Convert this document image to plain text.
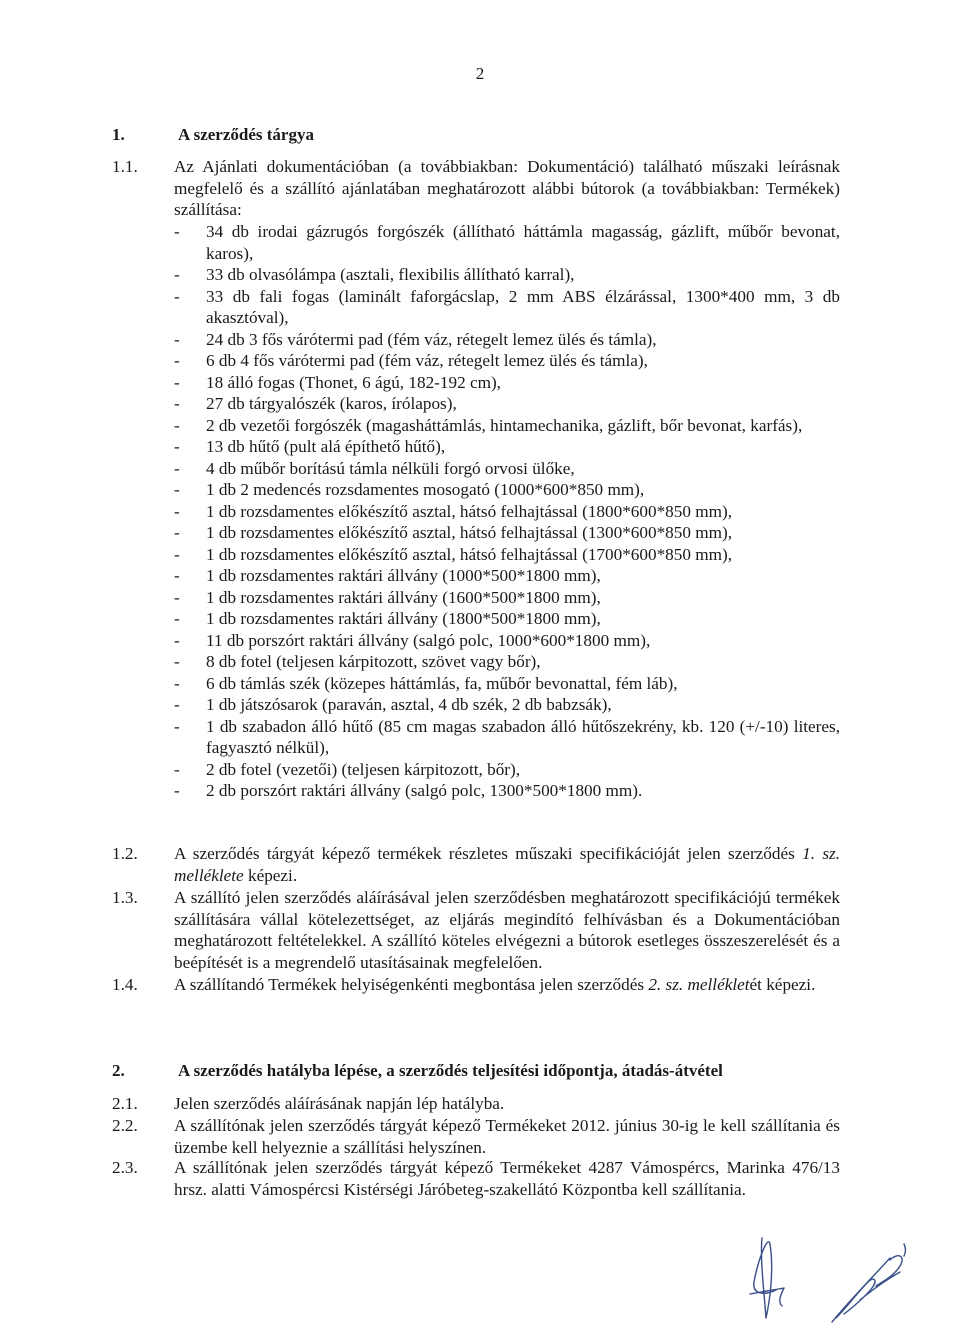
2
1.	A szerződés tárgya
1.1.	Az Ajánlati dokumentációban (a továbbiakban: Dokumentáció) található műszaki leírásnak megfelelő és a szállító ajánlatában meghatározott alábbi bútorok (a továbbiakban: Termékek) szállítása:

-	34 db irodai gázrugós forgószék (állítható háttámla magasság, gázlift, műbőr bevonat, karos),
-	33 db olvasólámpa (asztali, flexibilis állítható karral),
-	33 db fali fogas (laminált faforgácslap, 2 mm ABS élzárással, 1300*400 mm, 3 db akasztóval),
-	24 db 3 fős várótermi pad (fém váz, rétegelt lemez ülés és támla),
-	6 db 4 fős várótermi pad (fém váz, rétegelt lemez ülés és támla),
-	18 álló fogas (Thonet, 6 ágú, 182-192 cm),
-	27 db tárgyalószék (karos, írólapos),
-	2 db vezetői forgószék (magasháttámlás, hintamechanika, gázlift, bőr bevonat, karfás),
-	13 db hűtő (pult alá építhető hűtő),
-	4 db műbőr borítású támla nélküli forgó orvosi ülőke,
-	1 db 2 medencés rozsdamentes mosogató (1000*600*850 mm),
-	1 db rozsdamentes előkészítő asztal, hátsó felhajtással (1800*600*850 mm),
-	1 db rozsdamentes előkészítő asztal, hátsó felhajtással (1300*600*850 mm),
-	1 db rozsdamentes előkészítő asztal, hátsó felhajtással (1700*600*850 mm),
-	1 db rozsdamentes raktári állvány (1000*500*1800 mm),
-	1 db rozsdamentes raktári állvány (1600*500*1800 mm),
-	1 db rozsdamentes raktári állvány (1800*500*1800 mm),
-	11 db porszórt raktári állvány (salgó polc, 1000*600*1800 mm),
-	8 db fotel (teljesen kárpitozott, szövet vagy bőr),
-	6 db támlás szék (közepes háttámlás, fa, műbőr bevonattal, fém láb),
-	1 db játszósarok (paraván, asztal, 4 db szék, 2 db babzsák),
-	1 db szabadon álló hűtő (85 cm magas szabadon álló hűtőszekrény, kb. 120 (+/-10) literes, fagyasztó nélkül),
-	2 db fotel (vezetői) (teljesen kárpitozott, bőr),
-	2 db porszórt raktári állvány (salgó polc, 1300*500*1800 mm).
1.2.	A szerződés tárgyát képező termékek részletes műszaki specifikációját jelen szerződés 1. sz. melléklete képezi.

1.3.	A szállító jelen szerződés aláírásával jelen szerződésben meghatározott specifikációjú termékek szállítására vállal kötelezettséget, az eljárás megindító felhívásban és a Dokumentációban meghatározott feltételekkel. A szállító köteles elvégezni a bútorok esetleges összeszerelését és a beépítését is a megrendelő utasításainak megfelelően.

1.4.	A szállítandó Termékek helyiségenkénti megbontása jelen szerződés 2. sz. mellékletét képezi.

2.	A szerződés hatályba lépése, a szerződés teljesítési időpontja, átadás-átvétel
2.1.	Jelen szerződés aláírásának napján lép hatályba.

2.2.	A szállítónak jelen szerződés tárgyát képező Termékeket 2012. június 30-ig le kell szállítania és üzembe kell helyeznie a szállítási helyszínen.

2.3.	A szállítónak jelen szerződés tárgyát képező Termékeket 4287 Vámospércs, Marinka 476/13 hrsz. alatti Vámospércsi Kistérségi Járóbeteg-szakellátó Központba kell szállítania.
